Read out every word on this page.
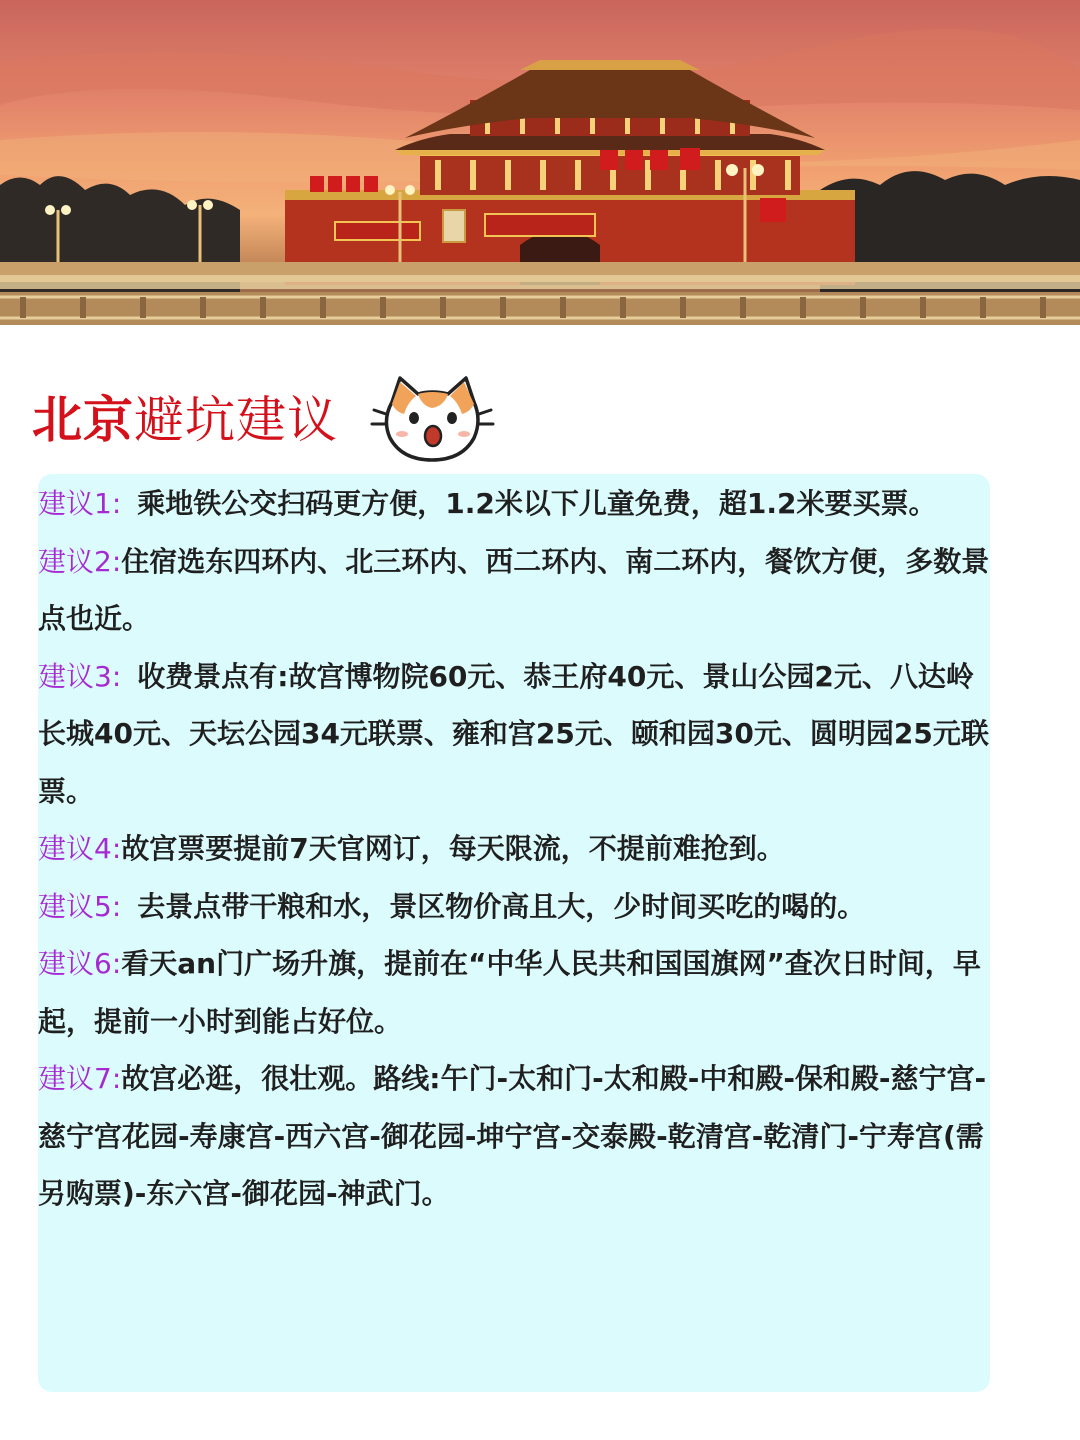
北京避坑建议

建议1: 乘地铁公交扫码更方便，1.2米以下儿童免费，超1.2米要买票。

建议2:住宿选东四环内、北三环内、西二环内、南二环内，餐饮方便，多数景点也近。

建议3: 收费景点有:故宫博物院60元、恭王府40元、景山公园2元、八达岭长城40元、天坛公园34元联票、雍和宫25元、颐和园30元、圆明园25元联票。

建议4:故宫票要提前7天官网订，每天限流，不提前难抢到。

建议5: 去景点带干粮和水，景区物价高且大，少时间买吃的喝的。

建议6:看天an门广场升旗，提前在“中华人民共和国国旗网”查次日时间，早起，提前一小时到能占好位。

建议7:故宫必逛，很壮观。路线:午门-太和门-太和殿-中和殿-保和殿-慈宁宫-慈宁宫花园-寿康宫-西六宫-御花园-坤宁宫-交泰殿-乾清宫-乾清门-宁寿宫(需另购票)-东六宫-御花园-神武门。
